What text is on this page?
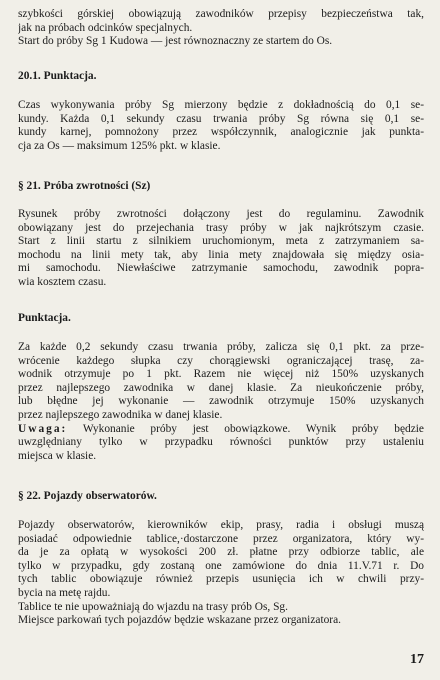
szybkości górskiej obowiązują zawodników przepisy bezpieczeństwa tak,
jak na próbach odcinków specjalnych.
Start do próby Sg 1 Kudowa — jest równoznaczny ze startem do Os.
20.1. Punktacja.
Czas wykonywania próby Sg mierzony będzie z dokładnością do 0,1 se-
kundy. Każda 0,1 sekundy czasu trwania próby Sg równa się 0,1 se-
kundy karnej, pomnożony przez współczynnik, analogicznie jak punkta-
cja za Os — maksimum 125% pkt. w klasie.
§ 21. Próba zwrotności (Sz)
Rysunek próby zwrotności dołączony jest do regulaminu. Zawodnik
obowiązany jest do przejechania trasy próby w jak najkrótszym czasie.
Start z linii startu z silnikiem uruchomionym, meta z zatrzymaniem sa-
mochodu na linii mety tak, aby linia mety znajdowała się między osia-
mi samochodu. Niewłaściwe zatrzymanie samochodu, zawodnik popra-
wia kosztem czasu.
Punktacja.
Za każde 0,2 sekundy czasu trwania próby, zalicza się 0,1 pkt. za prze-
wrócenie każdego słupka czy chorągiewski ograniczającej trasę, za-
wodnik otrzymuje po 1 pkt. Razem nie więcej niż 150% uzyskanych
przez najlepszego zawodnika w danej klasie. Za nieukończenie próby,
lub błędne jej wykonanie — zawodnik otrzymuje 150% uzyskanych
przez najlepszego zawodnika w danej klasie.
Uwaga: Wykonanie próby jest obowiązkowe. Wynik próby będzie
uwzględniany tylko w przypadku równości punktów przy ustaleniu
miejsca w klasie.
§ 22. Pojazdy obserwatorów.
Pojazdy obserwatorów, kierowników ekip, prasy, radia i obsługi muszą
posiadać odpowiednie tablice,·dostarczone przez organizatora, który wy-
da je za opłatą w wysokości 200 zł. płatne przy odbiorze tablic, ale
tylko w przypadku, gdy zostaną one zamówione do dnia 11.V.71 r. Do
tych tablic obowiązuje również przepis usunięcia ich w chwili przy-
bycia na metę rajdu.
Tablice te nie upoważniają do wjazdu na trasy prób Os, Sg.
Miejsce parkowań tych pojazdów będzie wskazane przez organizatora.
17
